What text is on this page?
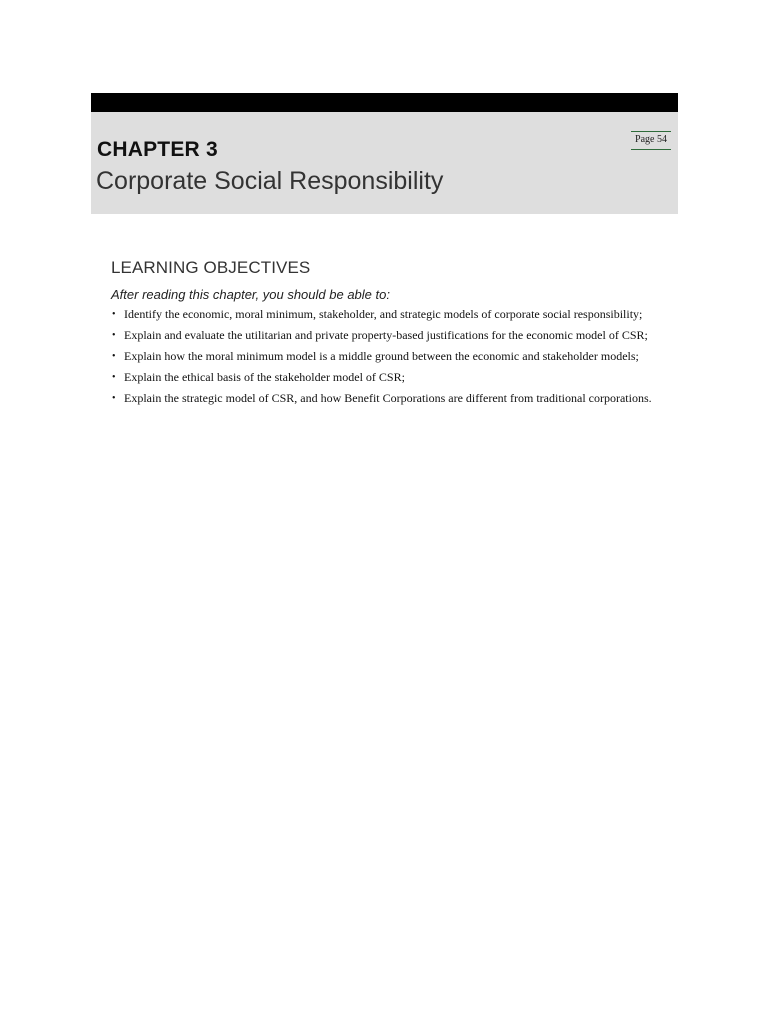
CHAPTER 3
Corporate Social Responsibility
Page 54
LEARNING OBJECTIVES

After reading this chapter, you should be able to:

• Identify the economic, moral minimum, stakeholder, and strategic models of corporate social responsibility;
• Explain and evaluate the utilitarian and private property-based justifications for the economic model of CSR;
• Explain how the moral minimum model is a middle ground between the economic and stakeholder models;
• Explain the ethical basis of the stakeholder model of CSR;
• Explain the strategic model of CSR, and how Benefit Corporations are different from traditional corporations.
